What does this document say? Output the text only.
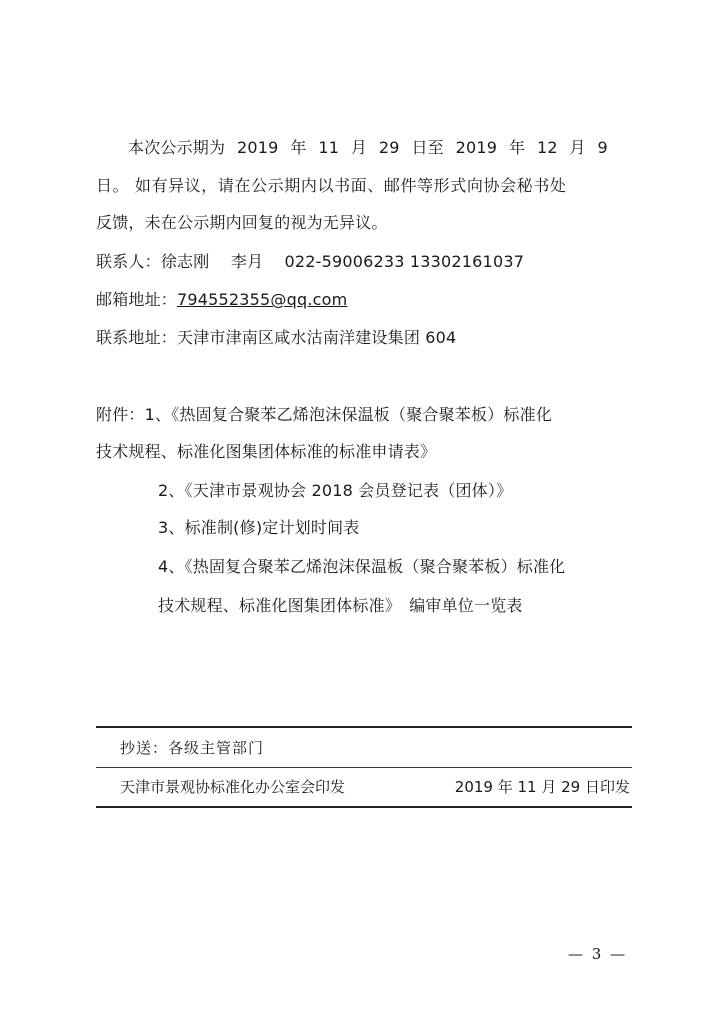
本次公示期为 2019 年 11 月 29 日至 2019 年 12 月 9
日。 如有异议，请在公示期内以书面、邮件等形式向协会秘书处
反馈，未在公示期内回复的视为无异议。
联系人：徐志刚　 李月 022-59006233 13302161037
邮箱地址：794552355@qq.com
联系地址：天津市津南区咸水沽南洋建设集团 604
附件：1、《热固复合聚苯乙烯泡沫保温板（聚合聚苯板）标准化
技术规程、标准化图集团体标准的标准申请表》
2、《天津市景观协会 2018 会员登记表（团体）》
3、标准制(修)定计划时间表
4、《热固复合聚苯乙烯泡沫保温板（聚合聚苯板）标准化
技术规程、标准化图集团体标准》　编审单位一览表
抄送：各级主管部门
天津市景观协标准化办公室会印发	2019 年 11 月 29 日印发
— 3 —
